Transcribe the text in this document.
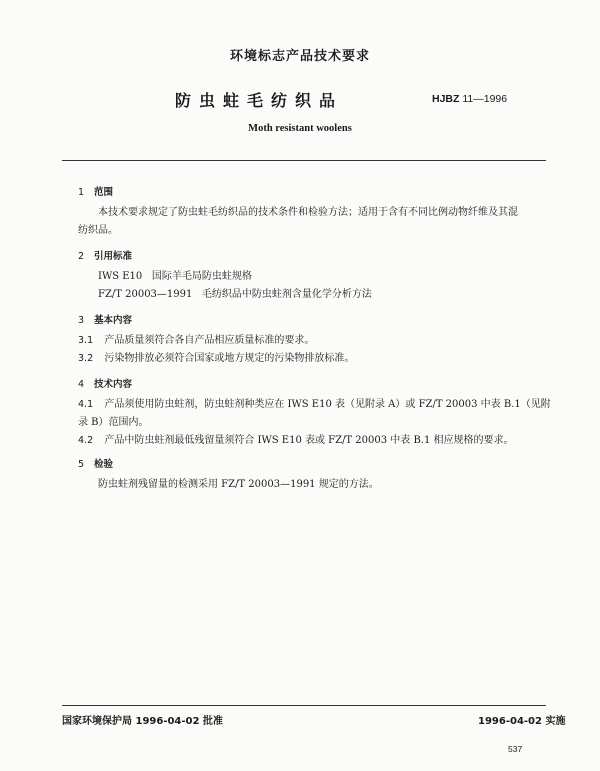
环境标志产品技术要求
防虫蛀毛纺织品	HJBZ 11—1996
Moth resistant woolens
1 范围
本技术要求规定了防虫蛀毛纺织品的技术条件和检验方法；适用于含有不同比例动物纤维及其混
纺织品。
2 引用标准
IWS E10 国际羊毛局防虫蛀规格
FZ/T 20003—1991 毛纺织品中防虫蛀剂含量化学分析方法
3 基本内容
3.1 产品质量须符合各自产品相应质量标准的要求。
3.2 污染物排放必须符合国家或地方规定的污染物排放标准。
4 技术内容
4.1 产品须使用防虫蛀剂，防虫蛀剂种类应在 IWS E10 表（见附录 A）或 FZ/T 20003 中表 B.1（见附
录 B）范围内。
4.2 产品中防虫蛀剂最低残留量须符合 IWS E10 表或 FZ/T 20003 中表 B.1 相应规格的要求。
5 检验
防虫蛀剂残留量的检测采用 FZ/T 20003—1991 规定的方法。
国家环境保护局 1996-04-02 批准	1996-04-02 实施
537
